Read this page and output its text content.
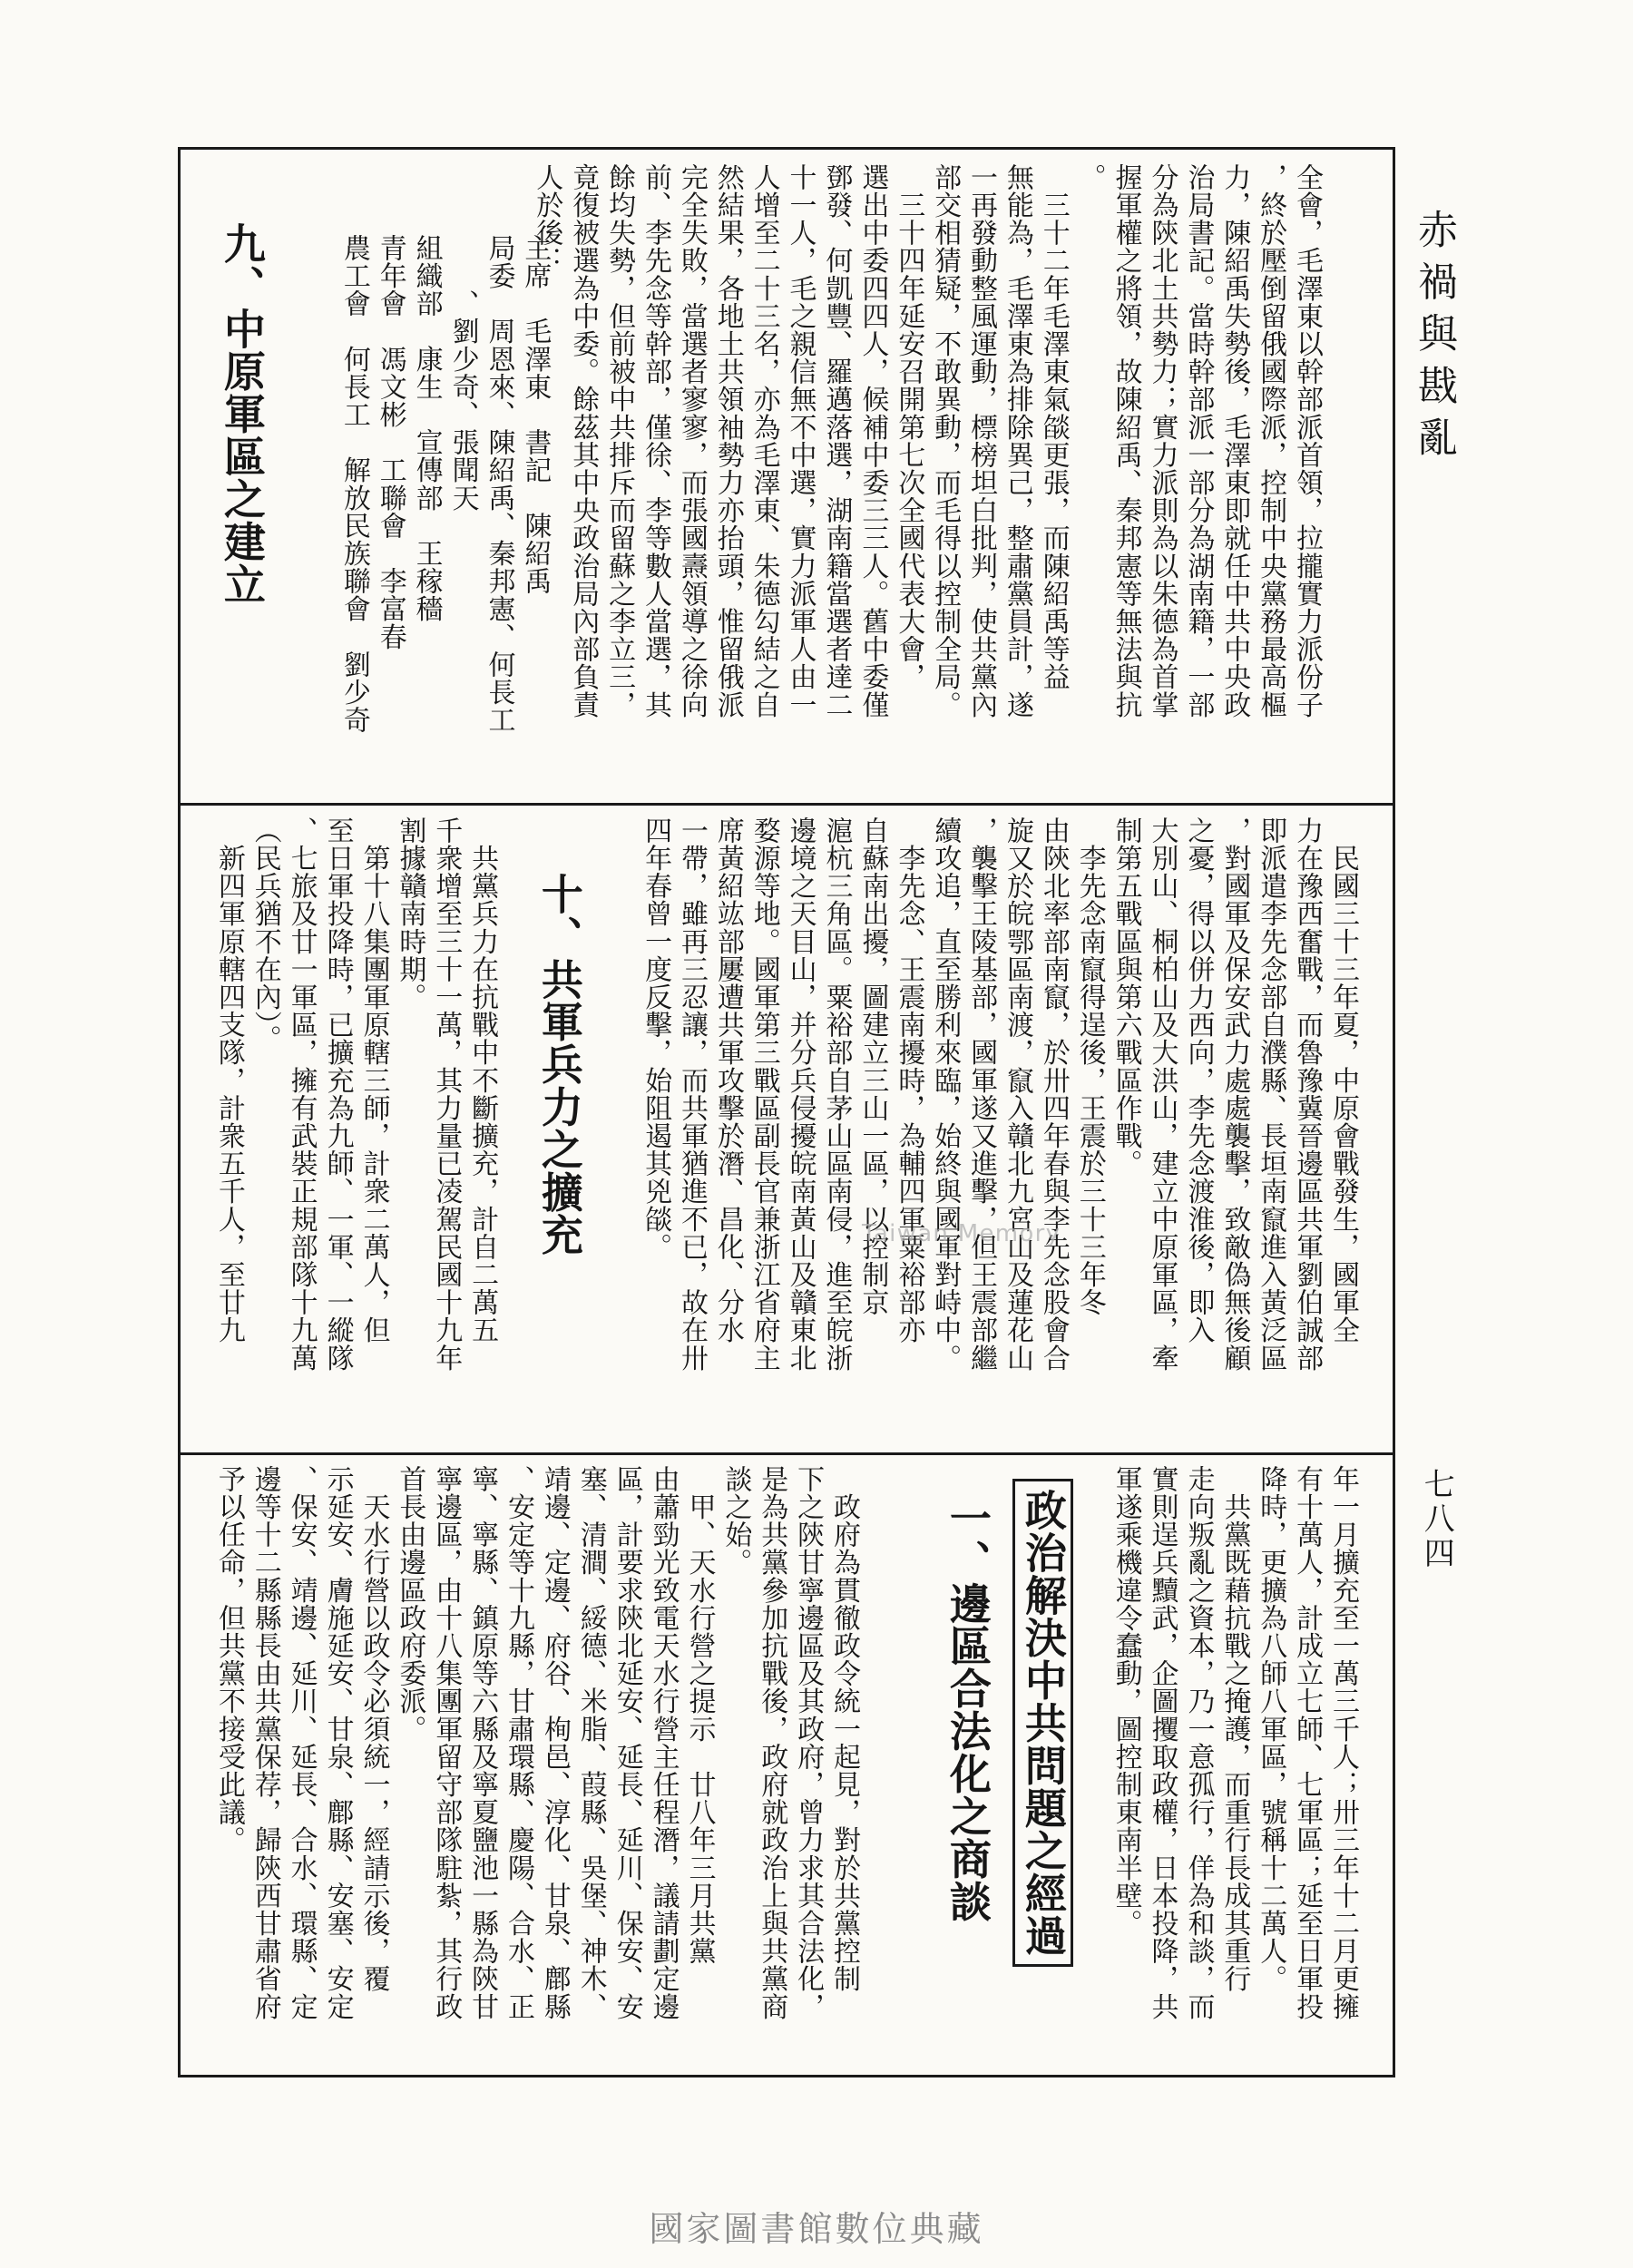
赤禍與戡亂
七八四
全會，毛澤東以幹部派首領，拉攏實力派份子
，終於壓倒留俄國際派，控制中央黨務最高樞
力，陳紹禹失勢後，毛澤東即就任中共中央政
治局書記。當時幹部派一部分為湖南籍，一部
分為陝北土共勢力；實力派則為以朱德為首掌
握軍權之將領，故陳紹禹、秦邦憲等無法與抗
。
　三十二年毛澤東氣燄更張，而陳紹禹等益
無能為，毛澤東為排除異己，整肅黨員計，遂
一再發動整風運動，標榜坦白批判，使共黨內
部交相猜疑，不敢異動，而毛得以控制全局。
　三十四年延安召開第七次全國代表大會，
選出中委四四人，候補中委三三人。舊中委僅
鄧發、何凱豐、羅邁落選，湖南籍當選者達二
十一人，毛之親信無不中選，實力派軍人由一
人增至二十三名，亦為毛澤東、朱德勾結之自
然結果，各地土共領袖勢力亦抬頭，惟留俄派
完全失敗，當選者寥寥，而張國燾領導之徐向
前、李先念等幹部，僅徐、李等數人當選，其
餘均失勢，但前被中共排斥而留蘇之李立三，
竟復被選為中委。餘茲其中央政治局內部負責
人於後：
主席　毛澤東　書記　陳紹禹
局委　周恩來、陳紹禹、秦邦憲、何長工
　　、劉少奇、張聞天
組織部　康生　宣傳部　王稼穡
青年會　馮文彬　工聯會　李富春
農工會　何長工　解放民族聯會　劉少奇
九、中原軍區之建立
　民國三十三年夏，中原會戰發生，國軍全
力在豫西奮戰，而魯豫冀晉邊區共軍劉伯誠部
即派遣李先念部自濮縣、長垣南竄進入黃泛區
，對國軍及保安武力處處襲擊，致敵偽無後顧
之憂，得以併力西向，李先念渡淮後，即入
大別山、桐柏山及大洪山，建立中原軍區，牽
制第五戰區與第六戰區作戰。
　李先念南竄得逞後，王震於三十三年冬
由陝北率部南竄，於卅四年春與李先念股會合
旋又於皖鄂區南渡，竄入贛北九宮山及蓮花山
，襲擊王陵基部，國軍遂又進擊，但王震部繼
續攻追，直至勝利來臨，始終與國軍對峙中。
　李先念、王震南擾時，為輔四軍粟裕部亦
自蘇南出擾，圖建立三山一區，以控制京
滬杭三角區。粟裕部自茅山區南侵，進至皖浙
邊境之天目山，并分兵侵擾皖南黃山及贛東北
婺源等地。國軍第三戰區副長官兼浙江省府主
席黃紹竑部屢遭共軍攻擊於潛、昌化、分水
一帶，雖再三忍讓，而共軍猶進不已，故在卅
四年春曾一度反擊，始阻遏其兇燄。
十、共軍兵力之擴充
　共黨兵力在抗戰中不斷擴充，計自二萬五
千衆增至三十一萬，其力量已凌駕民國十九年
割據贛南時期。
　第十八集團軍原轄三師，計衆二萬人，但
至日軍投降時，已擴充為九師、一軍、一縱隊
、七旅及廿一軍區，擁有武裝正規部隊十九萬
（民兵猶不在內）。
　新四軍原轄四支隊，計衆五千人，至廿九
年一月擴充至一萬三千人；卅三年十二月更擁
有十萬人，計成立七師、七軍區；延至日軍投
降時，更擴為八師八軍區，號稱十二萬人。
　共黨既藉抗戰之掩護，而重行長成其重行
走向叛亂之資本，乃一意孤行，佯為和談，而
實則逞兵黷武，企圖攫取政權，日本投降，共
軍遂乘機違令蠢動，圖控制東南半壁。
政治解決中共問題之經過
一、邊區合法化之商談
　政府為貫徹政令統一起見，對於共黨控制
下之陝甘寧邊區及其政府，曾力求其合法化，
是為共黨參加抗戰後，政府就政治上與共黨商
談之始。
　甲、天水行營之提示　廿八年三月共黨
由蕭勁光致電天水行營主任程潛，議請劃定邊
區，計要求陝北延安、延長、延川、保安、安
塞、清澗、綏德、米脂、葭縣、吳堡、神木、
靖邊、定邊、府谷、栒邑、淳化、甘泉、鄜縣
、安定等十九縣，甘肅環縣、慶陽、合水、正
寧、寧縣、鎮原等六縣及寧夏鹽池一縣為陝甘
寧邊區，由十八集團軍留守部隊駐紮，其行政
首長由邊區政府委派。
　天水行營以政令必須統一，經請示後，覆
示延安、膚施延安、甘泉、鄜縣、安塞、安定
、保安、靖邊、延川、延長、合水、環縣、定
邊等十二縣縣長由共黨保荐，歸陝西甘肅省府
予以任命，但共黨不接受此議。
Taiwan Memory
國家圖書館數位典藏
